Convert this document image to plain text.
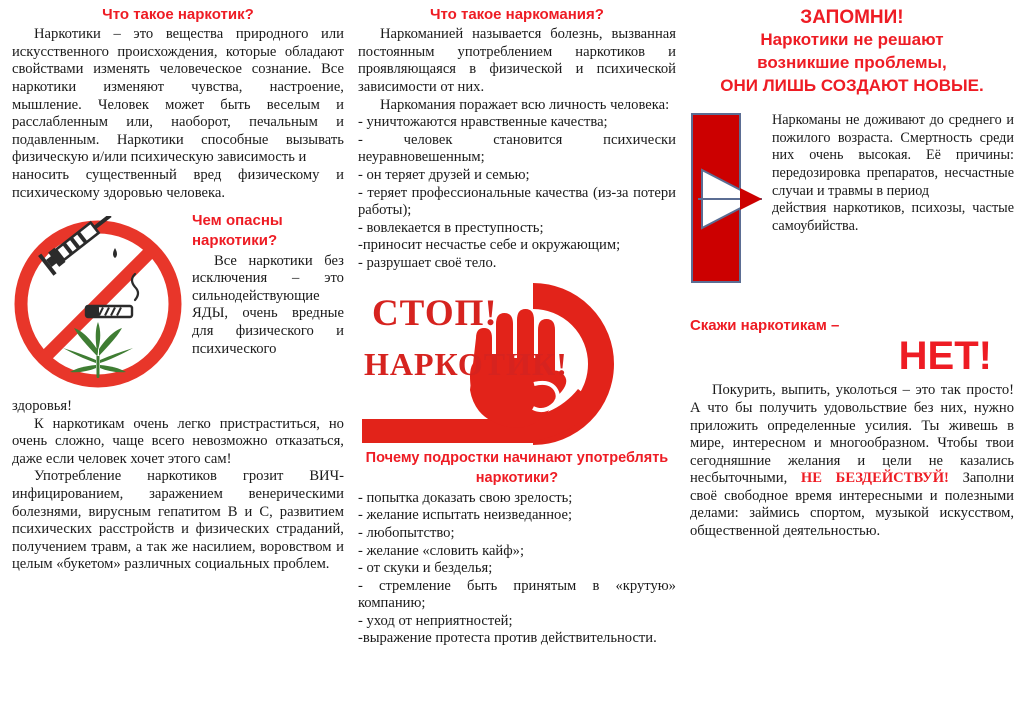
Что такое наркотик?

Наркотики – это вещества природного или искусственного происхождения, которые обладают свойствами изменять человеческое сознание. Все наркотики изменяют чувства, настроение, мышление. Человек может быть веселым и расслабленным или, наоборот, печальным и подавленным. Наркотики способные вызывать физическую и/или психическую зависимость и

наносить существенный вред физическому и психическому здоровью человека.

Чем опасны
наркотики?

Все наркотики без исключения – это сильнодействующие ЯДЫ, очень вредные для физического и психического

здоровья!

К наркотикам очень легко пристраститься, но очень сложно, чаще всего невозможно отказаться, даже если человек хочет этого сам!

Употребление наркотиков грозит ВИЧ-инфицированием, заражением венерическими болезнями, вирусным гепатитом В и С, развитием психических расстройств и физических страданий, получением травм, а так же насилием, воровством и целым «букетом» различных социальных проблем.

Что такое наркомания?

Наркоманией называется болезнь, вызванная постоянным употреблением наркотиков и проявляющаяся в физической и психической зависимости от них.

Наркомания поражает всю личность человека:

- уничтожаются нравственные качества;
- человек становится психически неуравновешенным;
- он теряет друзей и семью;
- теряет профессиональные качества (из-за потери работы);
- вовлекается в преступность;
-приносит несчастье себе и окружающим;
- разрушает своё тело.
СТОП!
НАРКОТИК!
Почему подростки начинают употреблять
наркотики?
- попытка доказать свою зрелость;
- желание испытать неизведанное;
- любопытство;
- желание «словить кайф»;
- от скуки и безделья;
- стремление быть принятым в «крутую» компанию;
- уход от неприятностей;
-выражение протеста против действительности.
ЗАПОМНИ!
Наркотики не решают
возникшие проблемы,
ОНИ ЛИШЬ СОЗДАЮТ НОВЫЕ.

Наркоманы не доживают до среднего и пожилого возраста. Смертность среди них очень высокая. Её причины: передозировка препаратов, несчастные случаи и травмы в период

действия наркотиков, психозы, частые самоубийства.

Скажи наркотикам –
НЕТ!

Покурить, выпить, уколоться – это так просто! А что бы получить удовольствие без них, нужно приложить определенные усилия. Ты живешь в мире, интересном и многообразном. Чтобы твои сегодняшние желания и цели не казались несбыточными, НЕ БЕЗДЕЙСТВУЙ! Заполни своё свободное время интересными и полезными делами: займись спортом, музыкой искусством, общественной деятельностью.
